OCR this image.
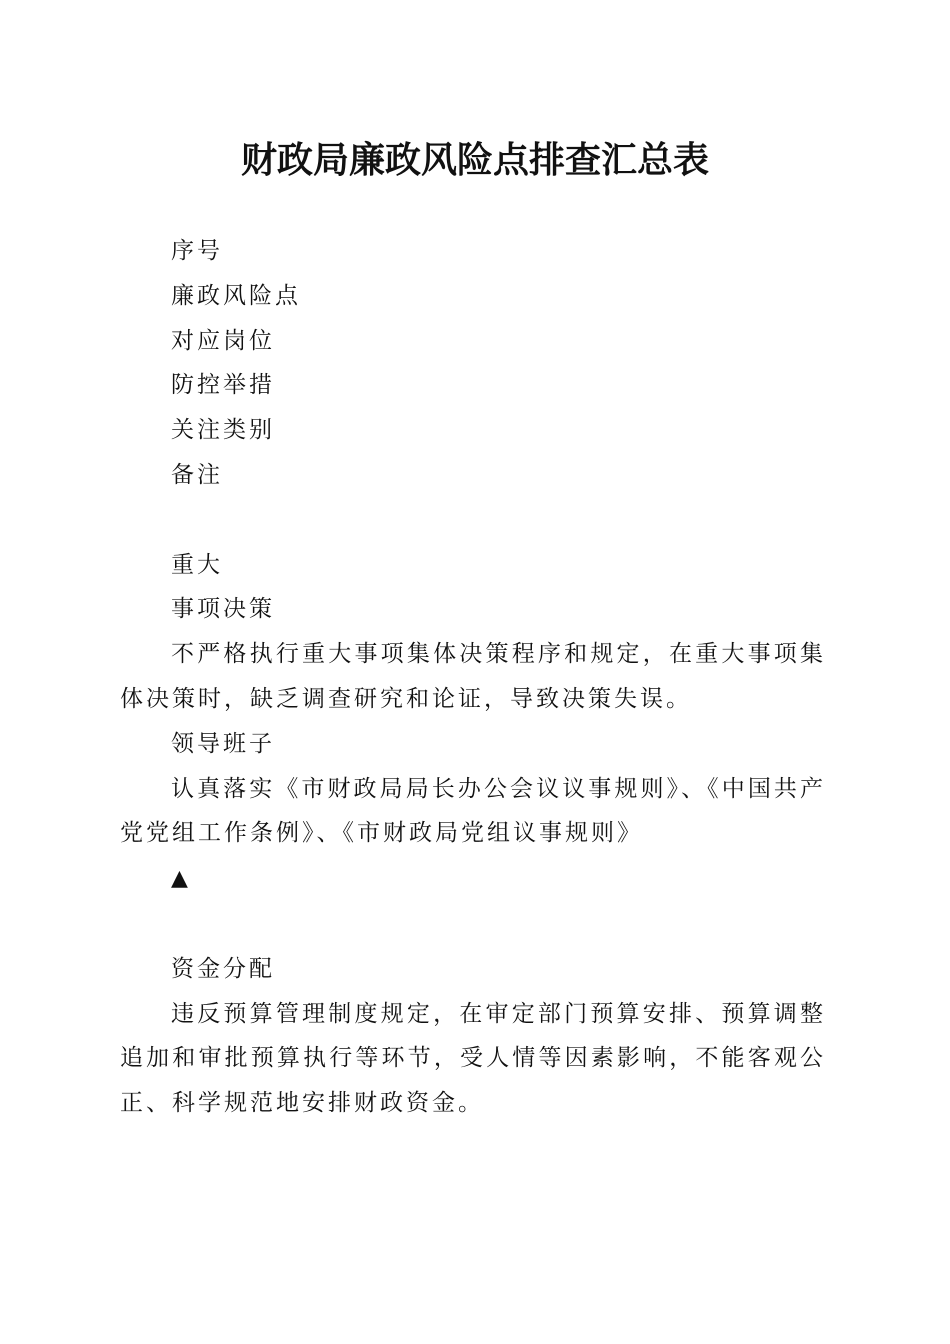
财政局廉政风险点排查汇总表

序号

廉政风险点

对应岗位

防控举措

关注类别

备注

重大

事项决策

不严格执行重大事项集体决策程序和规定，在重大事项集体决策时，缺乏调查研究和论证，导致决策失误。

领导班子

认真落实《市财政局局长办公会议议事规则》、《中国共产党党组工作条例》、《市财政局党组议事规则》

▲

资金分配

违反预算管理制度规定，在审定部门预算安排、预算调整追加和审批预算执行等环节，受人情等因素影响，不能客观公正、科学规范地安排财政资金。
